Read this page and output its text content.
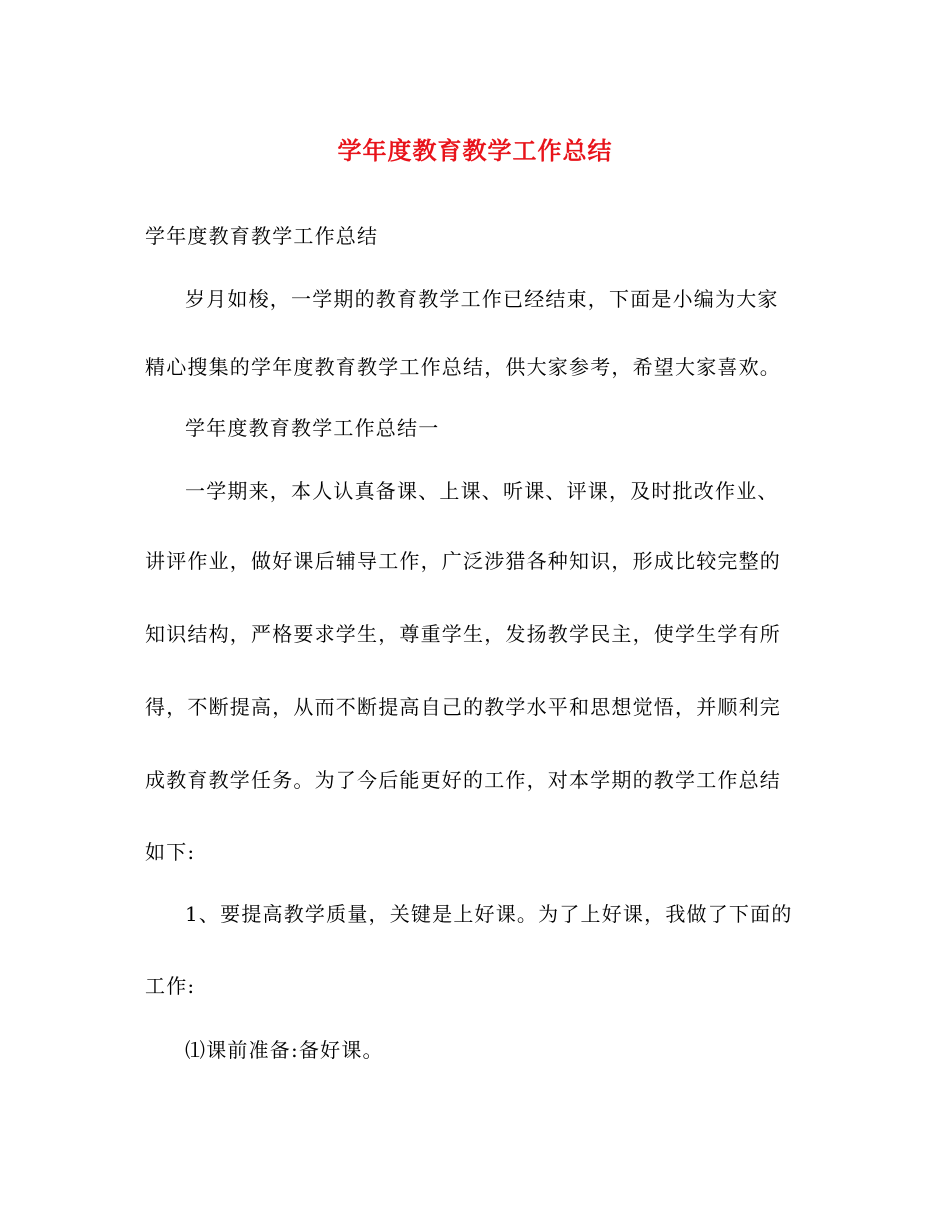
学年度教育教学工作总结
学年度教育教学工作总结
岁月如梭，一学期的教育教学工作已经结束，下面是小编为大家
精心搜集的学年度教育教学工作总结，供大家参考，希望大家喜欢。
学年度教育教学工作总结一
一学期来，本人认真备课、上课、听课、评课，及时批改作业、
讲评作业，做好课后辅导工作，广泛涉猎各种知识，形成比较完整的
知识结构，严格要求学生，尊重学生，发扬教学民主，使学生学有所
得，不断提高，从而不断提高自己的教学水平和思想觉悟，并顺利完
成教育教学任务。为了今后能更好的工作，对本学期的教学工作总结
如下:
1、要提高教学质量，关键是上好课。为了上好课，我做了下面的
工作:
⑴课前准备:备好课。
